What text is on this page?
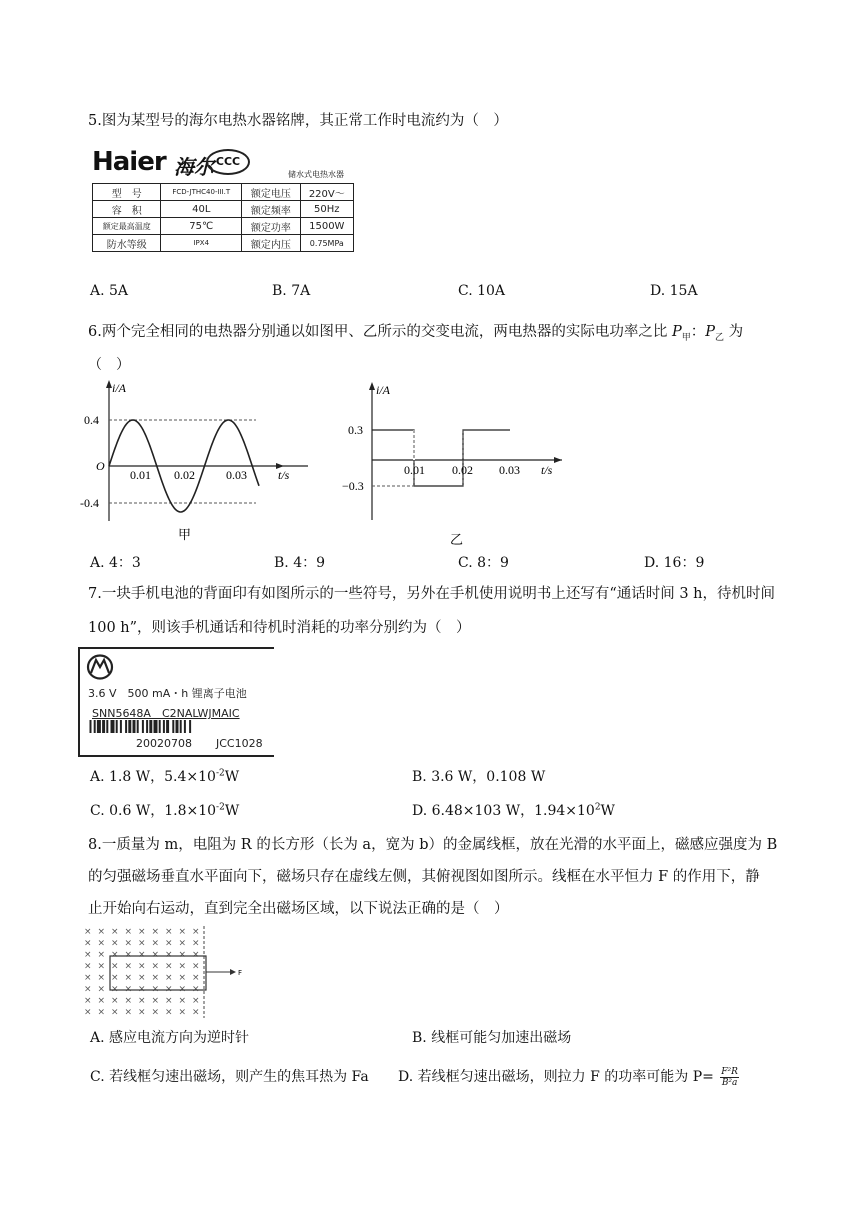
5.图为某型号的海尔电热水器铭牌，其正常工作时电流约为（　）
Haier 海尔 CCC
储水式电热水器
型　号	FCD-JTHC40-III.T	额定电压	220V～
容　积	40L	额定频率	50Hz
额定最高温度	75℃	额定功率	1500W
防水等级	IPX4	额定内压	0.75MPa
A. 5A	B. 7A	C. 10A	D. 15A
6.两个完全相同的电热器分别通以如图甲、乙所示的交变电流，两电热器的实际电功率之比 $P_甲$：$P_乙$ 为
（　）
i/A
t/s
O
0.4
-0.4
0.01 0.02	0.03
甲
i/A
t/s
0.3
−0.3
0.01 0.02 0.03
乙
A. 4：3	B. 4：9	C. 8：9	D. 16：9
7.一块手机电池的背面印有如图所示的一些符号，另外在手机使用说明书上还写有“通话时间 3 h，待机时间
100 h”，则该手机通话和待机时消耗的功率分别约为（　）
3.6 V　500 mA・h 锂离子电池
SNN5648A　C2NALWJMAIC
20020708 JCC1028
A. 1.8 W，$5.4\times 10^{-2}W$	B. 3.6 W，0.108 W
C. 0.6 W，$1.8\times 10^{-2}W$	D. 6.48×103 W，$1.94\times 10^2W$
8.一质量为 m，电阻为 R 的长方形（长为 a，宽为 b）的金属线框，放在光滑的水平面上，磁感应强度为 B
的匀强磁场垂直水平面向下，磁场只存在虚线左侧，其俯视图如图所示。线框在水平恒力 F 的作用下，静
止开始向右运动，直到完全出磁场区域，以下说法正确的是（　）
× × × × × × × × ×
× × × × × × × × ×
× × × × × × × × ×
× × × × × × × × ×
× × × × × × × × ×
× × × × × × × × ×
× × × × × × × × ×
× × × × × × × × ×
F
A. 感应电流方向为逆时针	B. 线框可能匀加速出磁场
C. 若线框匀速出磁场，则产生的焦耳热为 Fa D. 若线框匀速出磁场，则拉力 F 的功率可能为 $P= \frac{\text{F²R}}{\text{B²a}}$
